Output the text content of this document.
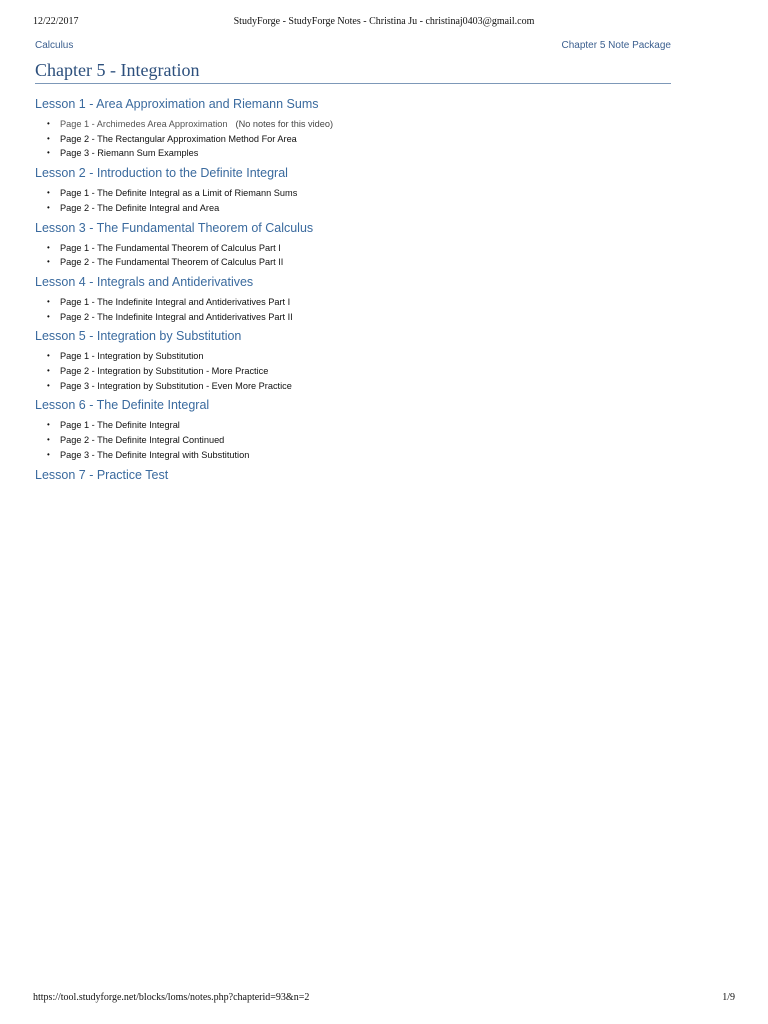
12/22/2017	StudyForge - StudyForge Notes - Christina Ju - christinaj0403@gmail.com
Calculus	Chapter 5 Note Package
Chapter 5 - Integration
Lesson 1 - Area Approximation and Riemann Sums
• Page 1 - Archimedes Area Approximation (No notes for this video)
• Page 2 - The Rectangular Approximation Method For Area
• Page 3 - Riemann Sum Examples
Lesson 2 - Introduction to the Definite Integral
• Page 1 - The Definite Integral as a Limit of Riemann Sums
• Page 2 - The Definite Integral and Area
Lesson 3 - The Fundamental Theorem of Calculus
• Page 1 - The Fundamental Theorem of Calculus Part I
• Page 2 - The Fundamental Theorem of Calculus Part II
Lesson 4 - Integrals and Antiderivatives
• Page 1 - The Indefinite Integral and Antiderivatives Part I
• Page 2 - The Indefinite Integral and Antiderivatives Part II
Lesson 5 - Integration by Substitution
• Page 1 - Integration by Substitution
• Page 2 - Integration by Substitution - More Practice
• Page 3 - Integration by Substitution - Even More Practice
Lesson 6 - The Definite Integral
• Page 1 - The Definite Integral
• Page 2 - The Definite Integral Continued
• Page 3 - The Definite Integral with Substitution
Lesson 7 - Practice Test
https://tool.studyforge.net/blocks/loms/notes.php?chapterid=93&n=2	1/9
